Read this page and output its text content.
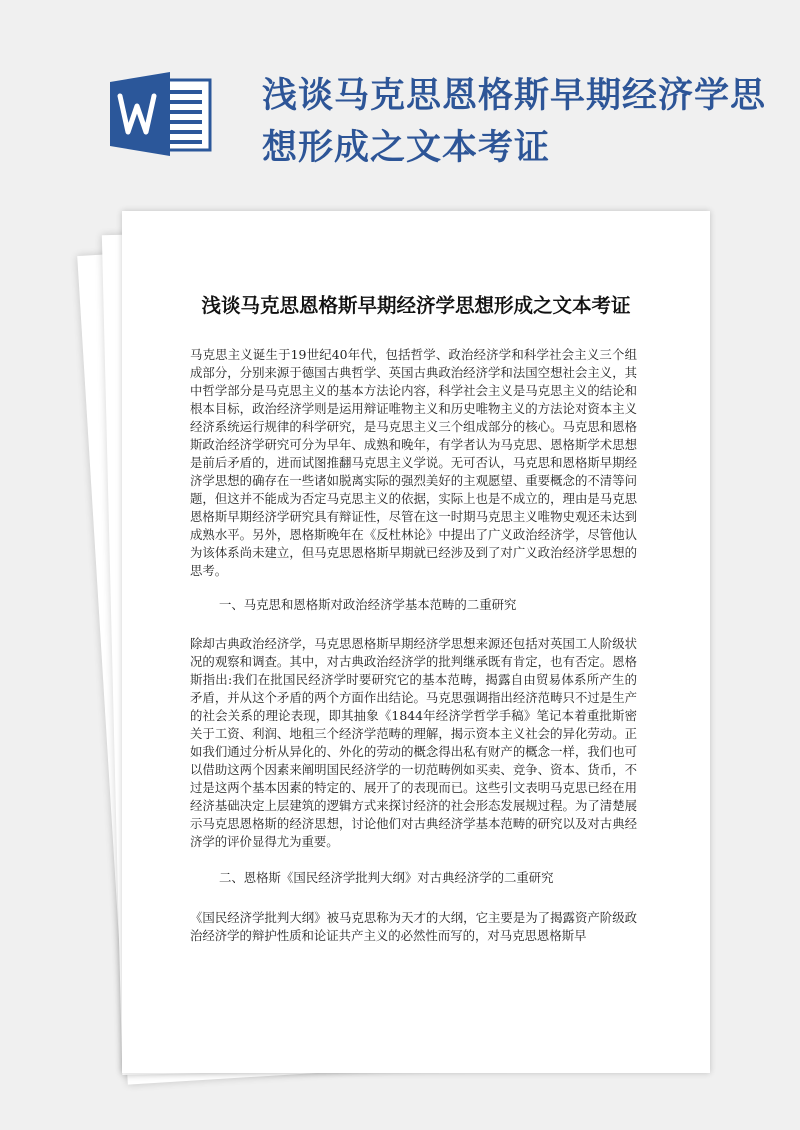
浅谈马克思恩格斯早期经济学思想形成之文本考证
浅谈马克思恩格斯早期经济学思想形成之文本考证

马克思主义诞生于19世纪40年代，包括哲学、政治经济学和科学社会主义三个组成部分，分别来源于德国古典哲学、英国古典政治经济学和法国空想社会主义，其中哲学部分是马克思主义的基本方法论内容，科学社会主义是马克思主义的结论和根本目标，政治经济学则是运用辩证唯物主义和历史唯物主义的方法论对资本主义经济系统运行规律的科学研究，是马克思主义三个组成部分的核心。马克思和恩格斯政治经济学研究可分为早年、成熟和晚年，有学者认为马克思、恩格斯学术思想是前后矛盾的，进而试图推翻马克思主义学说。无可否认，马克思和恩格斯早期经济学思想的确存在一些诸如脱离实际的强烈美好的主观愿望、重要概念的不清等问题，但这并不能成为否定马克思主义的依据，实际上也是不成立的，理由是马克思恩格斯早期经济学研究具有辩证性，尽管在这一时期马克思主义唯物史观还未达到成熟水平。另外，恩格斯晚年在《反杜林论》中提出了广义政治经济学，尽管他认为该体系尚未建立，但马克思恩格斯早期就已经涉及到了对广义政治经济学思想的思考。

一、马克思和恩格斯对政治经济学基本范畴的二重研究

除却古典政治经济学，马克思恩格斯早期经济学思想来源还包括对英国工人阶级状况的观察和调查。其中，对古典政治经济学的批判继承既有肯定，也有否定。恩格斯指出:我们在批国民经济学时要研究它的基本范畴，揭露自由贸易体系所产生的矛盾，并从这个矛盾的两个方面作出结论。马克思强调指出经济范畴只不过是生产的社会关系的理论表现，即其抽象《1844年经济学哲学手稿》笔记本着重批斯密关于工资、利润、地租三个经济学范畴的理解，揭示资本主义社会的异化劳动。正如我们通过分析从异化的、外化的劳动的概念得出私有财产的概念一样，我们也可以借助这两个因素来阐明国民经济学的一切范畴例如买卖、竞争、资本、货币，不过是这两个基本因素的特定的、展开了的表现而已。这些引文表明马克思已经在用经济基础决定上层建筑的逻辑方式来探讨经济的社会形态发展规过程。为了清楚展示马克思恩格斯的经济思想，讨论他们对古典经济学基本范畴的研究以及对古典经济学的评价显得尤为重要。

二、恩格斯《国民经济学批判大纲》对古典经济学的二重研究

《国民经济学批判大纲》被马克思称为天才的大纲，它主要是为了揭露资产阶级政治经济学的辩护性质和论证共产主义的必然性而写的，对马克思恩格斯早
